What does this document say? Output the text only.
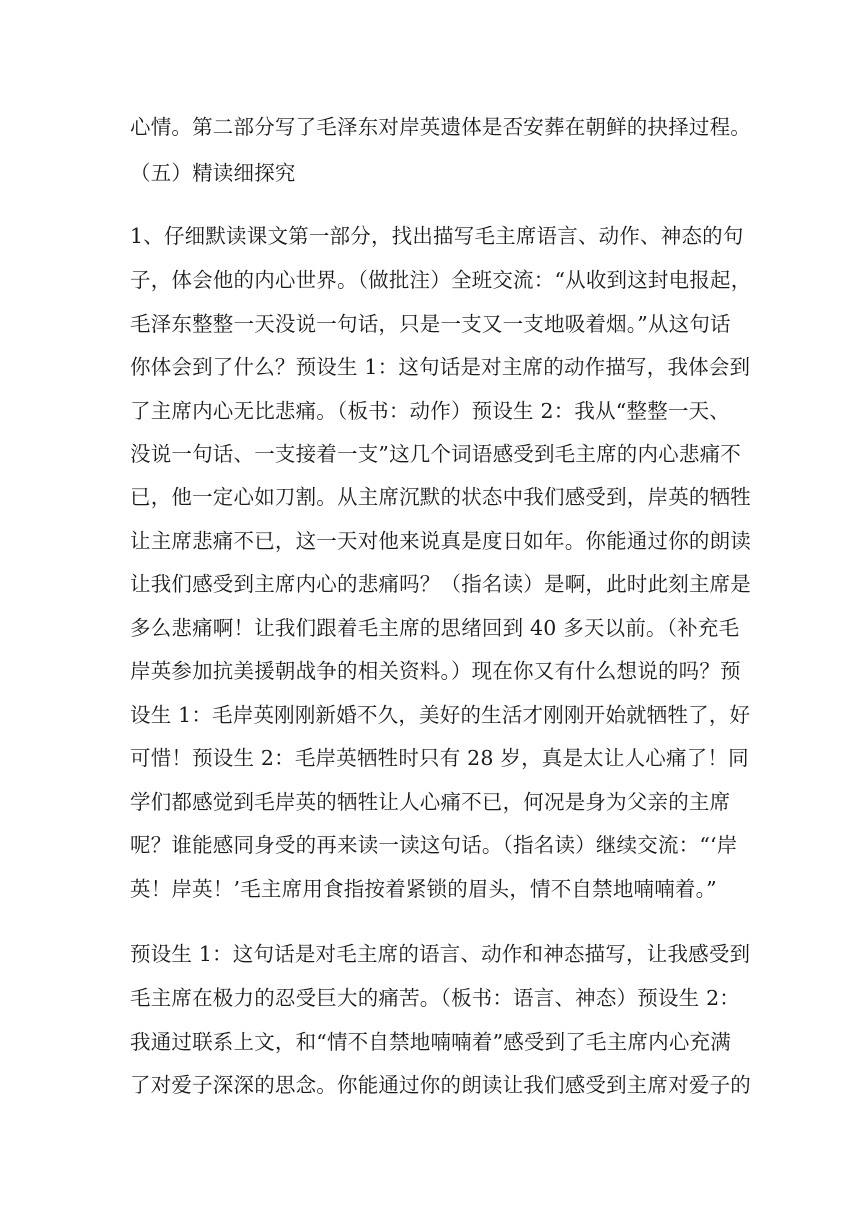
心情。第二部分写了毛泽东对岸英遗体是否安葬在朝鲜的抉择过程。
（五）精读细探究
1、仔细默读课文第一部分，找出描写毛主席语言、动作、神态的句
子，体会他的内心世界。（做批注）全班交流：“从收到这封电报起，
毛泽东整整一天没说一句话，只是一支又一支地吸着烟。”从这句话
你体会到了什么？预设生 1：这句话是对主席的动作描写，我体会到
了主席内心无比悲痛。（板书：动作）预设生 2：我从“整整一天、
没说一句话、一支接着一支”这几个词语感受到毛主席的内心悲痛不
已，他一定心如刀割。从主席沉默的状态中我们感受到，岸英的牺牲
让主席悲痛不已，这一天对他来说真是度日如年。你能通过你的朗读
让我们感受到主席内心的悲痛吗？（指名读）是啊，此时此刻主席是
多么悲痛啊！让我们跟着毛主席的思绪回到 40 多天以前。（补充毛
岸英参加抗美援朝战争的相关资料。）现在你又有什么想说的吗？预
设生 1：毛岸英刚刚新婚不久，美好的生活才刚刚开始就牺牲了，好
可惜！预设生 2：毛岸英牺牲时只有 28 岁，真是太让人心痛了！同
学们都感觉到毛岸英的牺牲让人心痛不已，何况是身为父亲的主席
呢？谁能感同身受的再来读一读这句话。（指名读）继续交流：“‘岸
英！岸英！’毛主席用食指按着紧锁的眉头，情不自禁地喃喃着。”
预设生 1：这句话是对毛主席的语言、动作和神态描写，让我感受到
毛主席在极力的忍受巨大的痛苦。（板书：语言、神态）预设生 2：
我通过联系上文，和“情不自禁地喃喃着”感受到了毛主席内心充满
了对爱子深深的思念。你能通过你的朗读让我们感受到主席对爱子的
